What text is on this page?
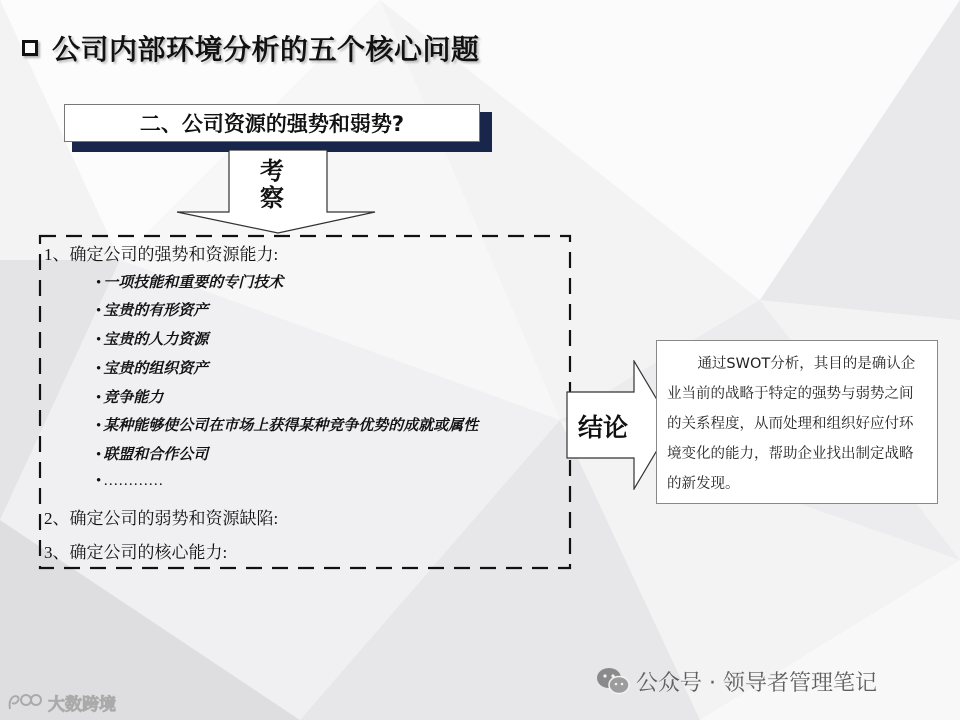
公司内部环境分析的五个核心问题
二、公司资源的强势和弱势?
考察
1、确定公司的强势和资源能力:
• 一项技能和重要的专门技术
• 宝贵的有形资产
• 宝贵的人力资源
• 宝贵的组织资产
• 竞争能力
• 某种能够使公司在市场上获得某种竞争优势的成就或属性
• 联盟和合作公司
• …………
2、确定公司的弱势和资源缺陷:
3、确定公司的核心能力:
结论
通过SWOT分析，其目的是确认企业当前的战略于特定的强势与弱势之间的关系程度，从而处理和组织好应付环境变化的能力，帮助企业找出制定战略的新发现。
公众号 · 领导者管理笔记
大数跨境
